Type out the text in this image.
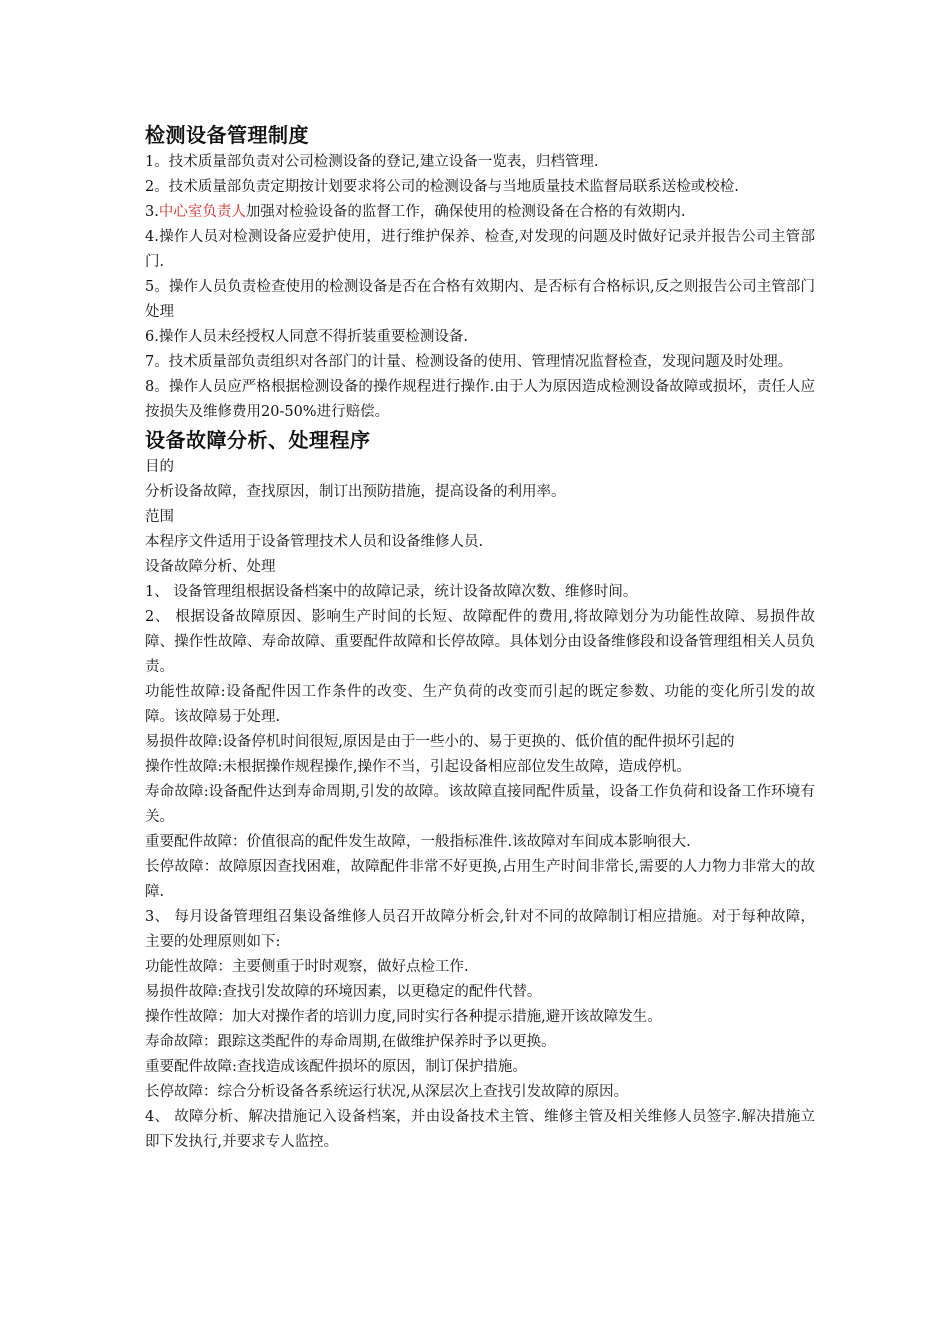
检测设备管理制度

1。技术质量部负责对公司检测设备的登记,建立设备一览表，归档管理.

2。技术质量部负责定期按计划要求将公司的检测设备与当地质量技术监督局联系送检或校检.

3.中心室负责人加强对检验设备的监督工作，确保使用的检测设备在合格的有效期内.

4.操作人员对检测设备应爱护使用，进行维护保养、检查,对发现的问题及时做好记录并报告公司主管部门.

5。操作人员负责检查使用的检测设备是否在合格有效期内、是否标有合格标识,反之则报告公司主管部门处理

6.操作人员未经授权人同意不得折装重要检测设备.

7。技术质量部负责组织对各部门的计量、检测设备的使用、管理情况监督检查，发现问题及时处理。

8。操作人员应严格根据检测设备的操作规程进行操作.由于人为原因造成检测设备故障或损坏，责任人应按损失及维修费用20-50%进行赔偿。

设备故障分析、处理程序

目的

分析设备故障，查找原因，制订出预防措施，提高设备的利用率。

范围

本程序文件适用于设备管理技术人员和设备维修人员.

设备故障分析、处理

1、 设备管理组根据设备档案中的故障记录，统计设备故障次数、维修时间。

2、 根据设备故障原因、影响生产时间的长短、故障配件的费用,将故障划分为功能性故障、易损件故障、操作性故障、寿命故障、重要配件故障和长停故障。具体划分由设备维修段和设备管理组相关人员负责。

功能性故障:设备配件因工作条件的改变、生产负荷的改变而引起的既定参数、功能的变化所引发的故障。该故障易于处理.

易损件故障:设备停机时间很短,原因是由于一些小的、易于更换的、低价值的配件损坏引起的

操作性故障:未根据操作规程操作,操作不当，引起设备相应部位发生故障，造成停机。

寿命故障:设备配件达到寿命周期,引发的故障。该故障直接同配件质量，设备工作负荷和设备工作环境有关。

重要配件故障：价值很高的配件发生故障，一般指标准件.该故障对车间成本影响很大.

长停故障：故障原因查找困难，故障配件非常不好更换,占用生产时间非常长,需要的人力物力非常大的故障.

3、 每月设备管理组召集设备维修人员召开故障分析会,针对不同的故障制订相应措施。对于每种故障，主要的处理原则如下:

功能性故障：主要侧重于时时观察，做好点检工作.

易损件故障:查找引发故障的环境因素，以更稳定的配件代替。

操作性故障：加大对操作者的培训力度,同时实行各种提示措施,避开该故障发生。

寿命故障：跟踪这类配件的寿命周期,在做维护保养时予以更换。

重要配件故障:查找造成该配件损坏的原因，制订保护措施。

长停故障：综合分析设备各系统运行状况,从深层次上查找引发故障的原因。

4、 故障分析、解决措施记入设备档案，并由设备技术主管、维修主管及相关维修人员签字.解决措施立即下发执行,并要求专人监控。
